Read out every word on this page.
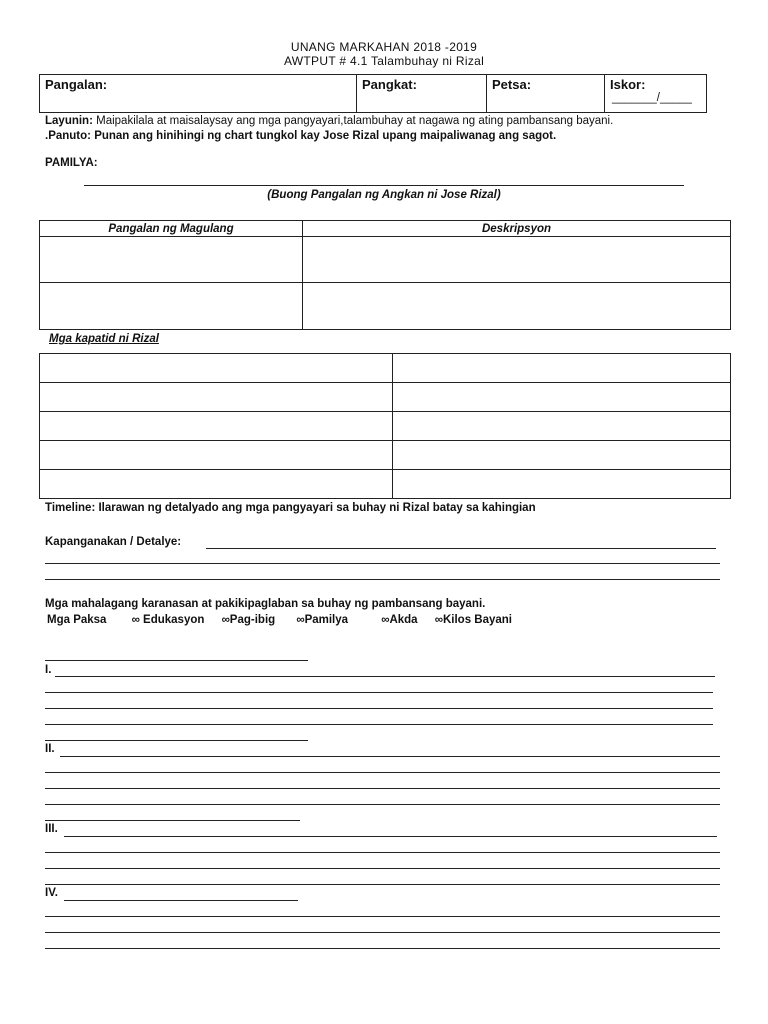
UNANG MARKAHAN 2018 -2019
AWTPUT # 4.1 Talambuhay ni Rizal
Pangalan:	Pangkat:	Petsa:	Iskor:
_______/_____
Layunin: Maipakilala at maisalaysay ang mga pangyayari,talambuhay at nagawa ng ating pambansang bayani.
.Panuto: Punan ang hinihingi ng chart tungkol kay Jose Rizal upang maipaliwanag ang sagot.
PAMILYA:
(Buong Pangalan ng Angkan ni Jose Rizal)
Pangalan ng Magulang	Deskripsyon

Mga kapatid ni Rizal

Timeline: Ilarawan ng detalyado ang mga pangyayari sa buhay ni Rizal batay sa kahingian
Kapanganakan / Detalye:
Mga mahalagang karanasan at pakikipaglaban sa buhay ng pambansang bayani.
Mga Paksa ∞ Edukasyon ∞Pag-ibig ∞Pamilya	∞Akda ∞Kilos Bayani
I.
II.
III.
IV.
